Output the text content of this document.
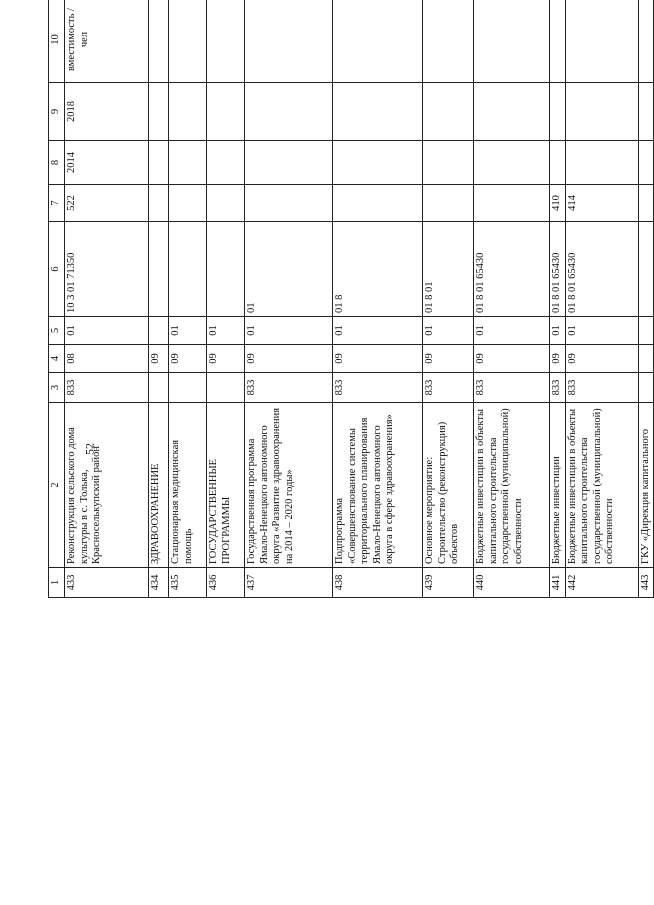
52
1	2	3	4	5	6	7	8	9	10		
433	Реконструкция сельского дома культуры в с. Толька, Красноселькупский район	833	08	01	10 3 01 71350	522	2014	2018	вместимость / чел		
434	ЗДРАВООХРАНЕНИЕ		09								
435	Стационарная медицинская помощь		09	01							
436	ГОСУДАРСТВЕННЫЕ ПРОГРАММЫ		09	01							
437	Государственная программа Ямало-Ненецкого автономного округа «Развитие здравоохранения на 2014 – 2020 годы»	833	09	01	01						
438	Подпрограмма «Совершенствование системы территориального планирования Ямало-Ненецкого автономного округа в сфере здравоохранения»	833	09	01	01 8						
439	Основное мероприятие: Строительство (реконструкция) объектов	833	09	01	01 8 01						
440	Бюджетные инвестиции в объекты капитального строительства государственной (муниципальной) собственности	833	09	01	01 8 01 65430						
441	Бюджетные инвестиции	833	09	01	01 8 01 65430	410					
442	Бюджетные инвестиции в объекты капитального строительства государственной (муниципальной) собственности	833	09	01	01 8 01 65430	414					
443	ГКУ «Дирекция капитального										
